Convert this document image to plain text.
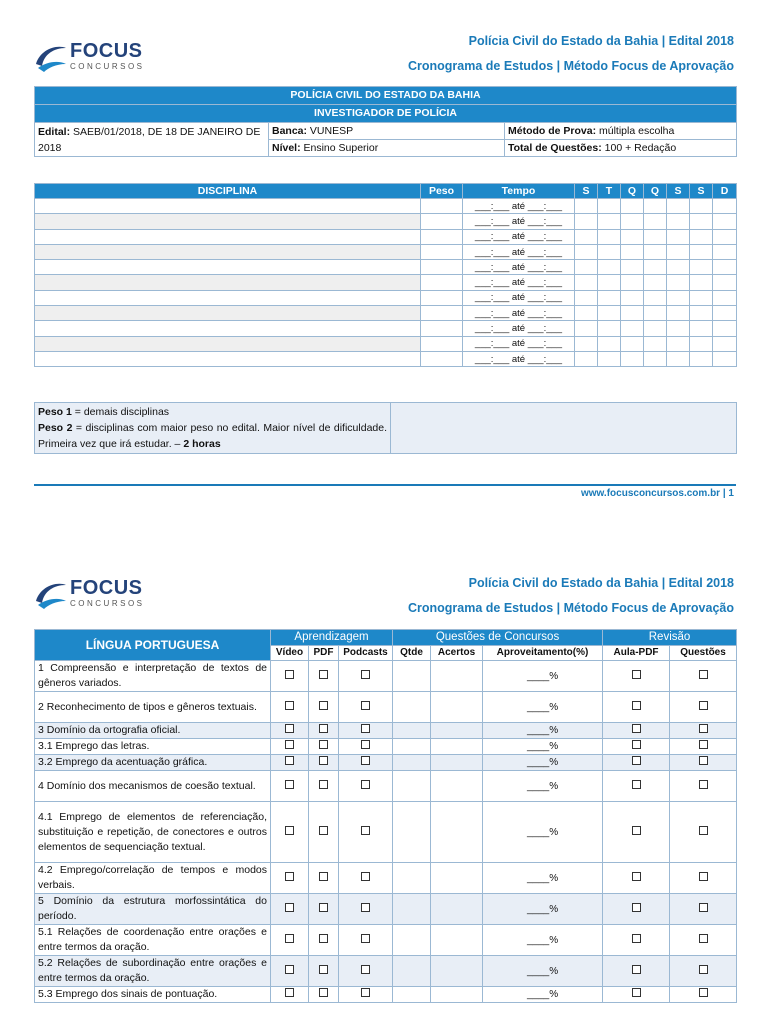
FOCUS
CONCURSOS
Polícia Civil do Estado da Bahia | Edital 2018
Cronograma de Estudos | Método Focus de Aprovação
POLÍCIA CIVIL DO ESTADO DA BAHIA		
INVESTIGADOR DE POLÍCIA		
Edital: SAEB/01/2018, DE 18 DE JANEIRO DE 2018	Banca: VUNESP	Método de Prova: múltipla escolha
	Nível: Ensino Superior	Total de Questões: 100 + Redação
DISCIPLINA	Peso	Tempo	S	T	Q	Q	S	S	D
		___:___ até ___:___							
		___:___ até ___:___							
		___:___ até ___:___							
		___:___ até ___:___							
		___:___ até ___:___							
		___:___ até ___:___							
		___:___ até ___:___							
		___:___ até ___:___							
		___:___ até ___:___							
		___:___ até ___:___							
		___:___ até ___:___							
Peso 1 = demais disciplinas
Peso 2 = disciplinas com maior peso no edital. Maior nível de dificuldade. Primeira vez que irá estudar. – 2 horas	
www.focusconcursos.com.br | 1
FOCUS
CONCURSOS
Polícia Civil do Estado da Bahia | Edital 2018
Cronograma de Estudos | Método Focus de Aprovação
LÍNGUA PORTUGUESA	Aprendizagem			Questões de Concursos			Revisão	
	Vídeo	PDF	Podcasts	Qtde	Acertos	Aproveitamento(%)	Aula-PDF	Questões
1 Compreensão e interpretação de textos de gêneros variados.						____%		
2 Reconhecimento de tipos e gêneros textuais.						____%		
3 Domínio da ortografia oficial.						____%		
3.1 Emprego das letras.						____%		
3.2 Emprego da acentuação gráfica.						____%		
4 Domínio dos mecanismos de coesão textual.						____%		
4.1 Emprego de elementos de referenciação, substituição e repetição, de conectores e outros elementos de sequenciação textual.						____%		
4.2 Emprego/correlação de tempos e modos verbais.						____%		
5 Domínio da estrutura morfossintática do período.						____%		
5.1 Relações de coordenação entre orações e entre termos da oração.						____%		
5.2 Relações de subordinação entre orações e entre termos da oração.						____%		
5.3 Emprego dos sinais de pontuação.						____%		
